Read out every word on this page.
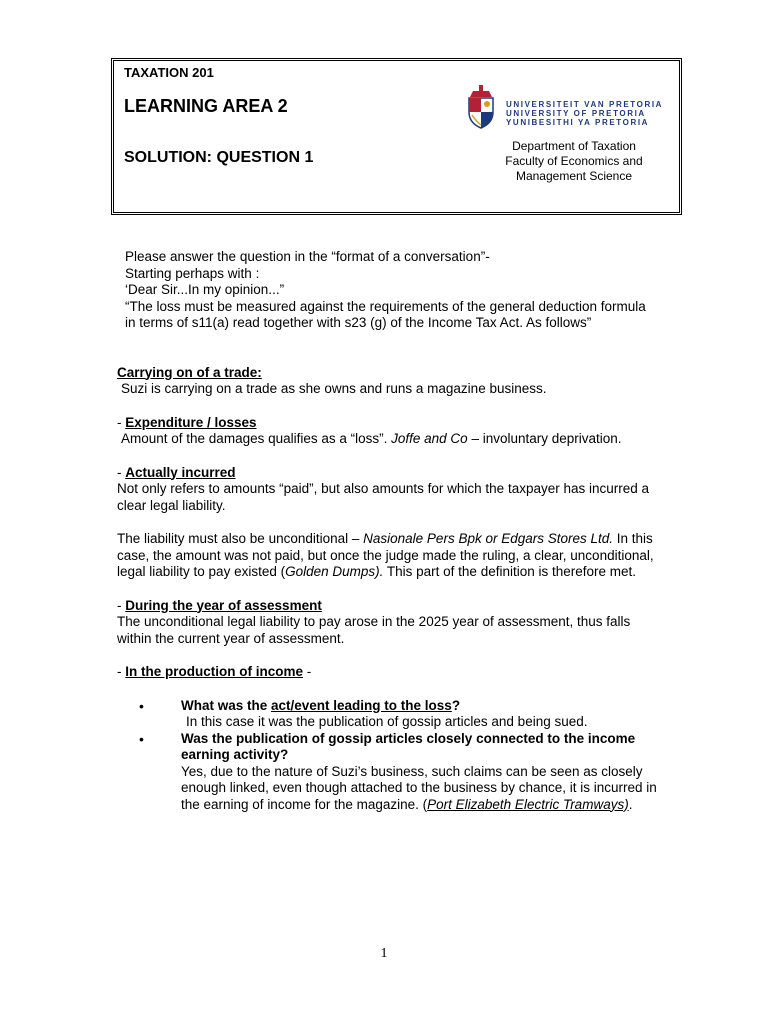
TAXATION 201
LEARNING AREA 2
SOLUTION: QUESTION 1
UNIVERSITEIT VAN PRETORIA
UNIVERSITY OF PRETORIA
YUNIBESITHI YA PRETORIA
Department of Taxation
Faculty of Economics and
Management Science

Please answer the question in the “format of a conversation”-

Starting perhaps with :

‘Dear Sir...In my opinion...”

“The loss must be measured against the requirements of the general deduction formula in terms of s11(a) read together with s23 (g) of the Income Tax Act. As follows”

Carrying on of a trade:

Suzi is carrying on a trade as she owns and runs a magazine business.

- Expenditure / losses

Amount of the damages qualifies as a “loss”. Joffe and Co – involuntary deprivation.

- Actually incurred

Not only refers to amounts “paid”, but also amounts for which the taxpayer has incurred a clear legal liability.

The liability must also be unconditional – Nasionale Pers Bpk or Edgars Stores Ltd. In this case, the amount was not paid, but once the judge made the ruling, a clear, unconditional, legal liability to pay existed (Golden Dumps). This part of the definition is therefore met.

- During the year of assessment

The unconditional legal liability to pay arose in the 2025 year of assessment, thus falls within the current year of assessment.

- In the production of income -

•	What was the act/event leading to the loss?

In this case it was the publication of gossip articles and being sued.

•	Was the publication of gossip articles closely connected to the income earning activity?

Yes, due to the nature of Suzi’s business, such claims can be seen as closely enough linked, even though attached to the business by chance, it is incurred in the earning of income for the magazine. (Port Elizabeth Electric Tramways).

1
